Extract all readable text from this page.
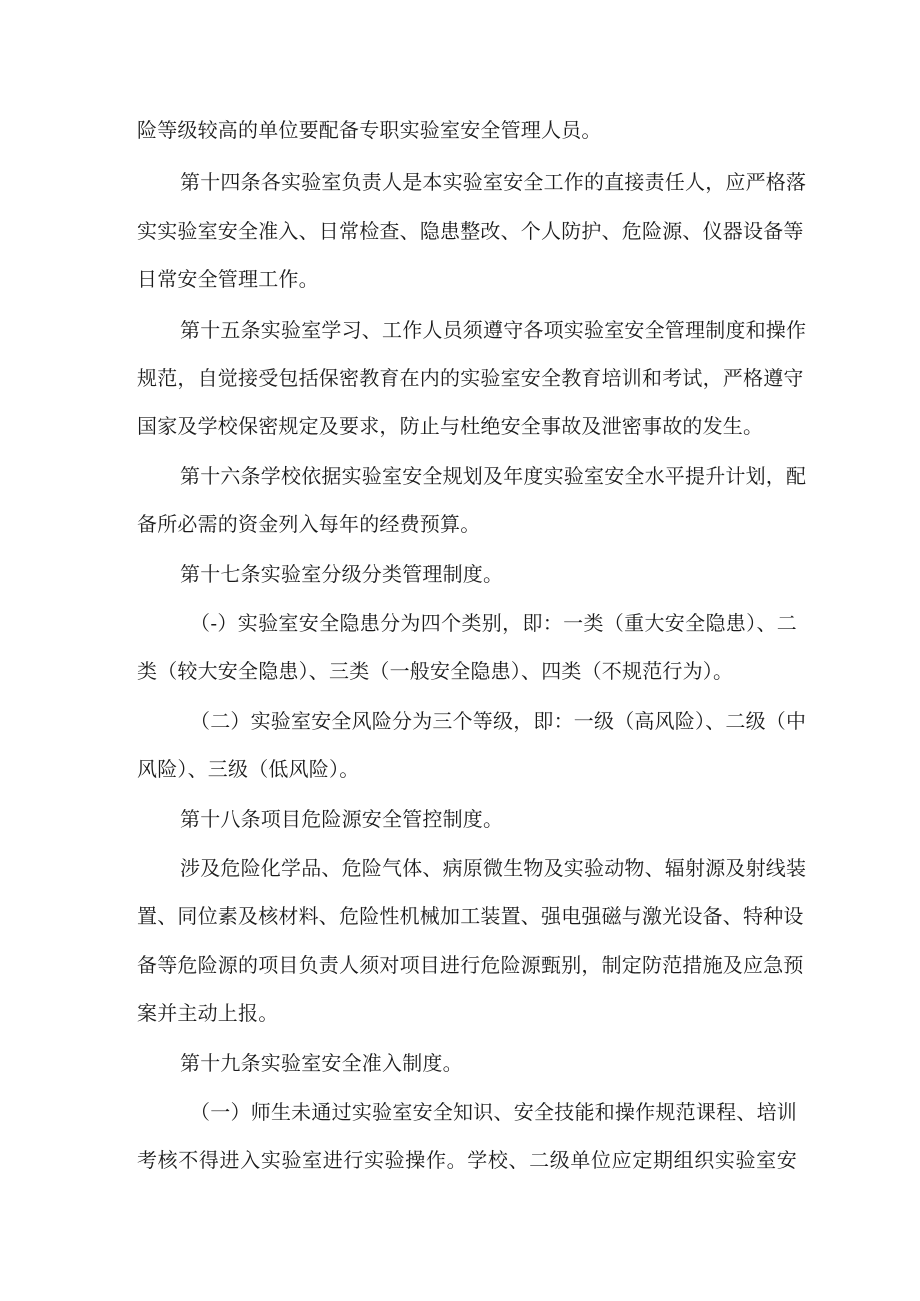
险等级较高的单位要配备专职实验室安全管理人员。
第十四条各实验室负责人是本实验室安全工作的直接责任人，应严格落
实实验室安全准入、日常检查、隐患整改、个人防护、危险源、仪器设备等
日常安全管理工作。
第十五条实验室学习、工作人员须遵守各项实验室安全管理制度和操作
规范，自觉接受包括保密教育在内的实验室安全教育培训和考试，严格遵守
国家及学校保密规定及要求，防止与杜绝安全事故及泄密事故的发生。
第十六条学校依据实验室安全规划及年度实验室安全水平提升计划，配
备所必需的资金列入每年的经费预算。
第十七条实验室分级分类管理制度。
（-）实验室安全隐患分为四个类别，即：一类（重大安全隐患）、二
类（较大安全隐患）、三类（一般安全隐患）、四类（不规范行为）。
（二）实验室安全风险分为三个等级，即：一级（高风险）、二级（中
风险）、三级（低风险）。
第十八条项目危险源安全管控制度。
涉及危险化学品、危险气体、病原微生物及实验动物、辐射源及射线装
置、同位素及核材料、危险性机械加工装置、强电强磁与激光设备、特种设
备等危险源的项目负责人须对项目进行危险源甄别，制定防范措施及应急预
案并主动上报。
第十九条实验室安全准入制度。
（一）师生未通过实验室安全知识、安全技能和操作规范课程、培训
考核不得进入实验室进行实验操作。学校、二级单位应定期组织实验室安
